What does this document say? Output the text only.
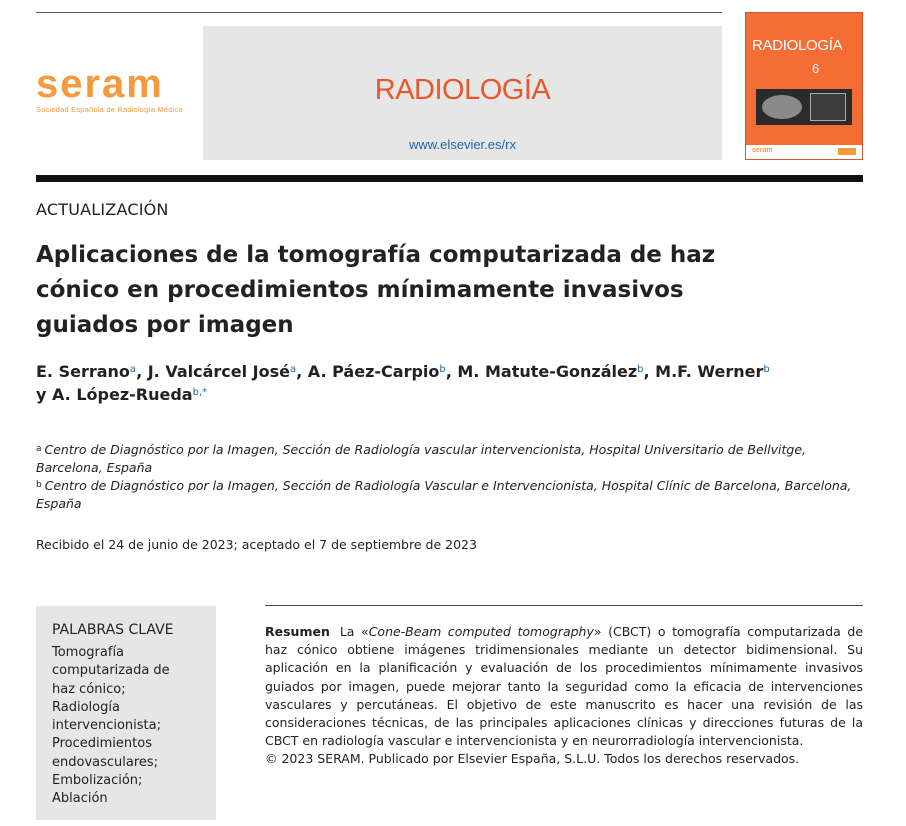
seram
Sociedad Española de Radiología Médica
RADIOLOGÍA
www.elsevier.es/rx
RADIOLOGÍA
6
seram
ACTUALIZACIÓN
Aplicaciones de la tomografía computarizada de haz
cónico en procedimientos mínimamente invasivos
guiados por imagen
E. Serrano$^a$, J. Valcárcel José$^a$, A. Páez-Carpio$^b$, M. Matute-González$^b$, M.F. Werner$^b$
y A. López-Rueda$^{b,*}$
$^a$ Centro de Diagnóstico por la Imagen, Sección de Radiología vascular intervencionista, Hospital Universitario de Bellvitge, Barcelona, España
$^b$ Centro de Diagnóstico por la Imagen, Sección de Radiología Vascular e Intervencionista, Hospital Clínic de Barcelona, Barcelona, España
Recibido el 24 de junio de 2023; aceptado el 7 de septiembre de 2023
PALABRAS CLAVE
Tomografía
computarizada de
haz cónico;
Radiología
intervencionista;
Procedimientos
endovasculares;
Embolización;
Ablación
Resumen La «Cone-Beam computed tomography» (CBCT) o tomografía computarizada de haz cónico obtiene imágenes tridimensionales mediante un detector bidimensional. Su aplicación en la planificación y evaluación de los procedimientos mínimamente invasivos guiados por imagen, puede mejorar tanto la seguridad como la eficacia de intervenciones vasculares y percutáneas. El objetivo de este manuscrito es hacer una revisión de las consideraciones técnicas, de las principales aplicaciones clínicas y direcciones futuras de la CBCT en radiología vascular e intervencionista y en neurorradiología intervencionista.
© 2023 SERAM. Publicado por Elsevier España, S.L.U. Todos los derechos reservados.
